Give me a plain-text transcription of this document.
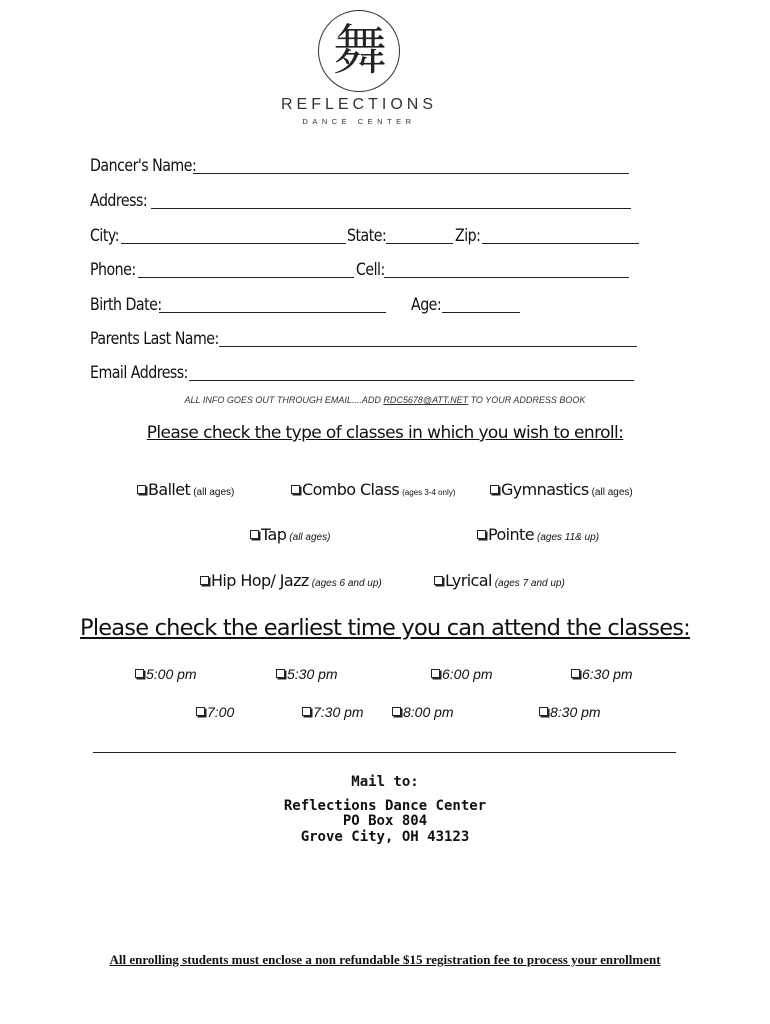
舞
REFLECTIONS
DANCE CENTER
Dancer's Name:
Address:
City:	State:	Zip:
Phone:	Cell:
Birth Date:	Age:
Parents Last Name:
Email Address:
ALL INFO GOES OUT THROUGH EMAIL....ADD RDC5678@ATT.NET TO YOUR ADDRESS BOOK
Please check the type of classes in which you wish to enroll:
Ballet (all ages)	Combo Class (ages 3-4 only)	Gymnastics (all ages)
Tap (all ages)	Pointe (ages 11& up)
Hip Hop/ Jazz (ages 6 and up)	Lyrical (ages 7 and up)
Please check the earliest time you can attend the classes:
5:00 pm	5:30 pm	6:00 pm	6:30 pm
7:00	7:30 pm	8:00 pm	8:30 pm
Mail to:
Reflections Dance Center
PO Box 804
Grove City, OH 43123
All enrolling students must enclose a non refundable $15 registration fee to process your enrollment
